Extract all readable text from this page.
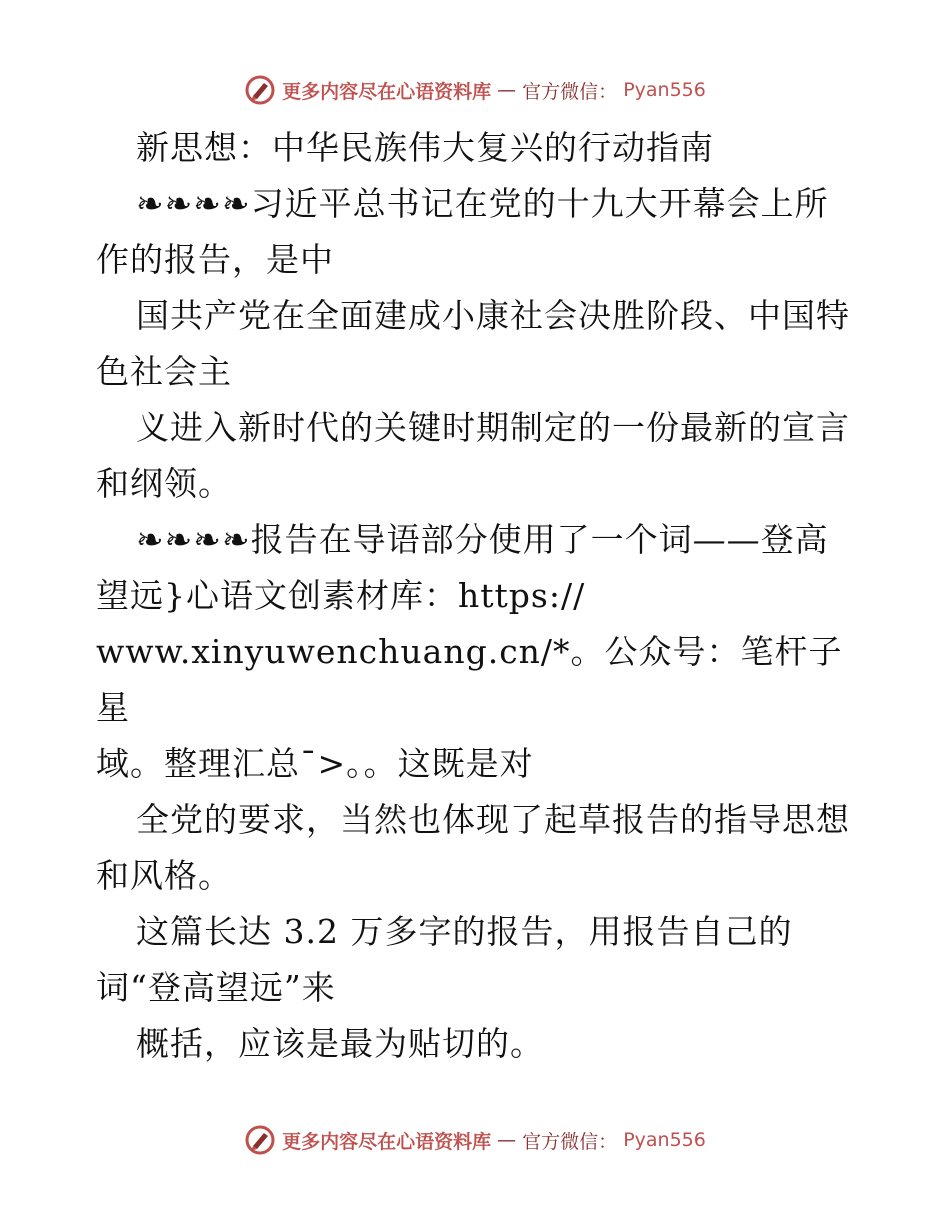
更多内容尽在心语资料库 — 官方微信： Pyan556

新思想：中华民族伟大复兴的行动指南

❧❧❧❧习近平总书记在党的十九大开幕会上所作的报告，是中

国共产党在全面建成小康社会决胜阶段、中国特色社会主

义进入新时代的关键时期制定的一份最新的宣言和纲领。

❧❧❧❧报告在导语部分使用了一个词——登高望远}心语文创素材库：https://

www.xinyuwenchuang.cn/*。公众号：笔杆子星

域。整理汇总¯>。。这既是对

全党的要求，当然也体现了起草报告的指导思想和风格。

这篇长达 3.2 万多字的报告，用报告自己的词“登高望远”来

概括，应该是最为贴切的。

更多内容尽在心语资料库 — 官方微信： Pyan556
